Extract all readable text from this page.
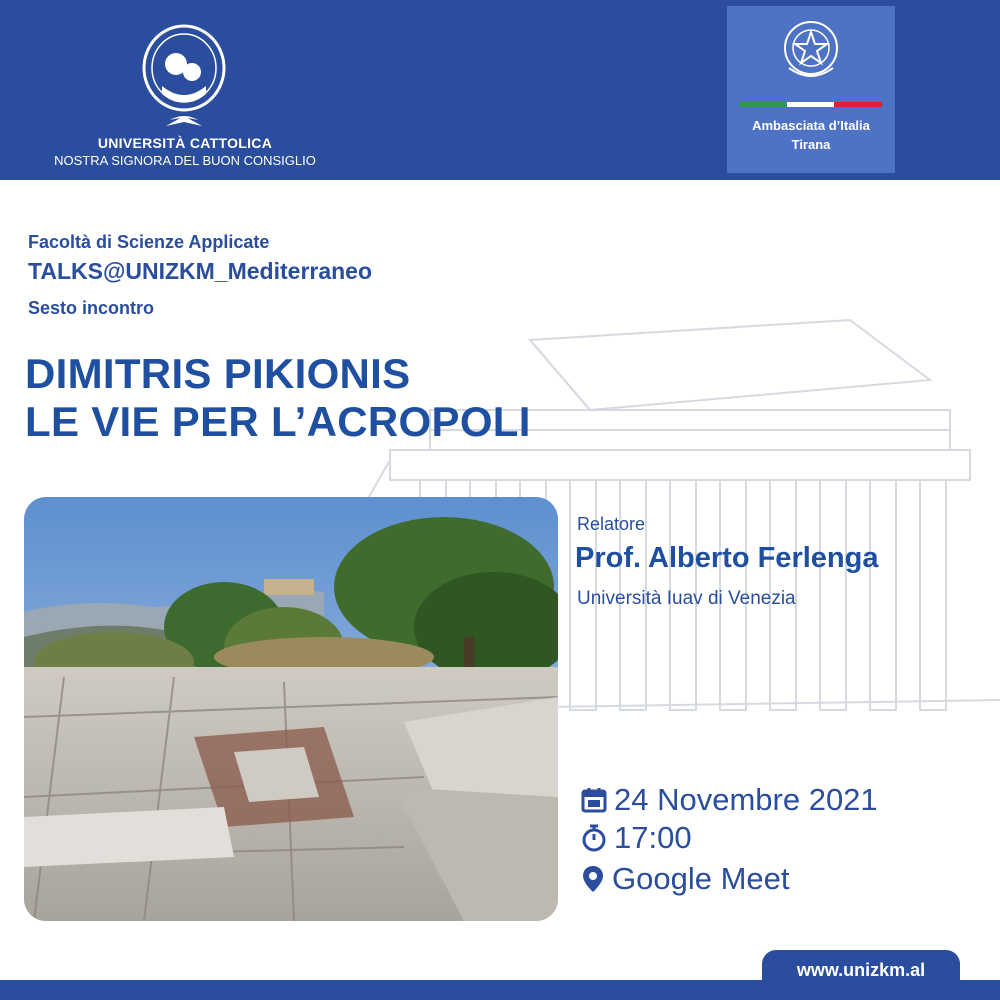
UNIVERSITÀ CATTOLICA
NOSTRA SIGNORA DEL BUON CONSIGLIO
Ambasciata d’Italia
Tirana
Facoltà di Scienze Applicate
TALKS@UNIZKM_Mediterraneo
Sesto incontro
DIMITRIS PIKIONIS
LE VIE PER L’ACROPOLI
Relatore
Prof. Alberto Ferlenga
Università Iuav di Venezia
24 Novembre 2021
17:00
Google Meet
www.unizkm.al
